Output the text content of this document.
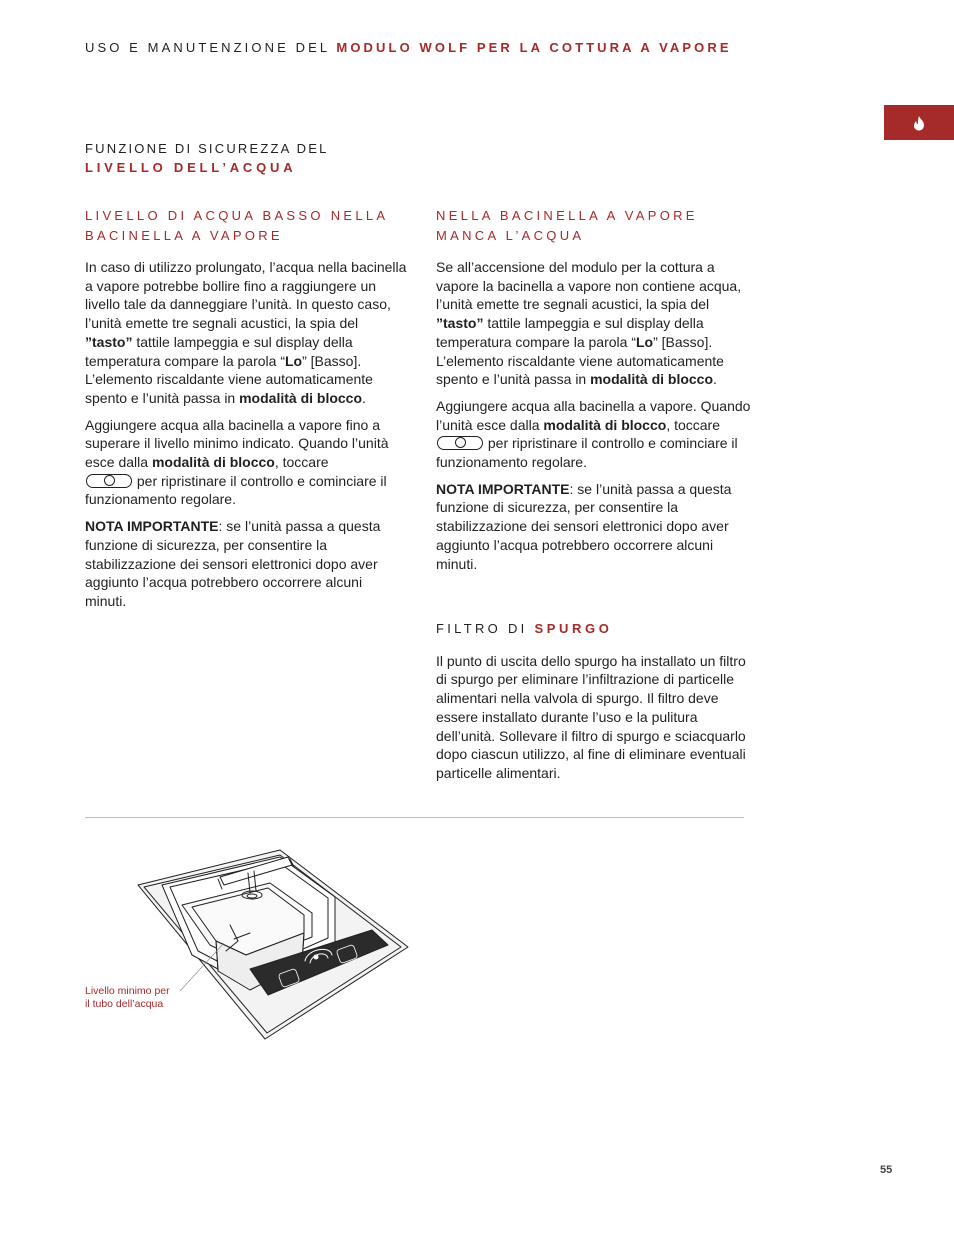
USO E MANUTENZIONE DEL MODULO WOLF PER LA COTTURA A VAPORE
FUNZIONE DI SICUREZZA DEL
LIVELLO DELL’ACQUA
LIVELLO DI ACQUA BASSO NELLA BACINELLA A VAPORE

In caso di utilizzo prolungato, l’acqua nella bacinella a vapore potrebbe bollire fino a raggiungere un livello tale da danneggiare l’unità. In questo caso, l’unità emette tre segnali acustici, la spia del ”tasto” tattile lampeggia e sul display della temperatura compare la parola “Lo” [Basso]. L’elemento riscaldante viene automaticamente spento e l’unità passa in modalità di blocco.

Aggiungere acqua alla bacinella a vapore fino a superare il livello minimo indicato. Quando l’unità esce dalla modalità di blocco, toccare
per ripristinare il controllo e cominciare il funzionamento regolare.

NOTA IMPORTANTE: se l’unità passa a questa funzione di sicurezza, per consentire la stabilizzazione dei sensori elettronici dopo aver aggiunto l’acqua potrebbero occorrere alcuni minuti.

NELLA BACINELLA A VAPORE MANCA L’ACQUA

Se all’accensione del modulo per la cottura a vapore la bacinella a vapore non contiene acqua, l’unità emette tre segnali acustici, la spia del ”tasto” tattile lampeggia e sul display della temperatura compare la parola “Lo” [Basso]. L’elemento riscaldante viene automaticamente spento e l’unità passa in modalità di blocco.

Aggiungere acqua alla bacinella a vapore. Quando l’unità esce dalla modalità di blocco, toccare  per ripristinare il controllo e cominciare il funzionamento regolare.

NOTA IMPORTANTE: se l’unità passa a questa funzione di sicurezza, per consentire la stabilizzazione dei sensori elettronici dopo aver aggiunto l’acqua potrebbero occorrere alcuni minuti.

FILTRO DI SPURGO

Il punto di uscita dello spurgo ha installato un filtro di spurgo per eliminare l’infiltrazione di particelle alimentari nella valvola di spurgo. Il filtro deve essere installato durante l’uso e la pulitura dell’unità. Sollevare il filtro di spurgo e sciacquarlo dopo ciascun utilizzo, al fine di eliminare eventuali particelle alimentari.

Livello minimo per
il tubo dell’acqua
55
